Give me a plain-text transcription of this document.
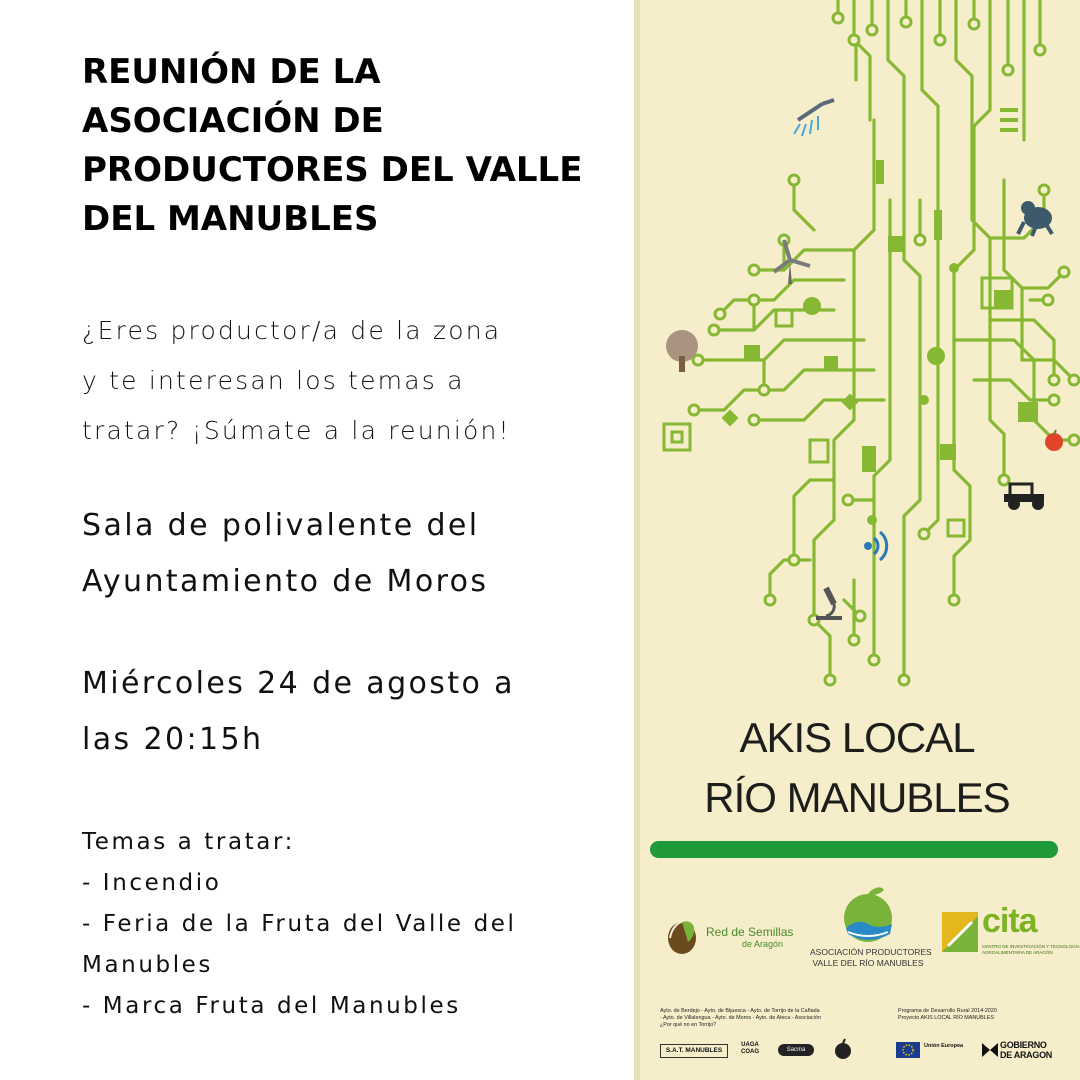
REUNIÓN DE LA
ASOCIACIÓN DE
PRODUCTORES DEL VALLE
DEL MANUBLES
¿Eres productor/a de la zona
y te interesan los temas a
tratar? ¡Súmate a la reunión!
Sala de polivalente del
Ayuntamiento de Moros
Miércoles 24 de agosto a
las 20:15h
Temas a tratar:
- Incendio
- Feria de la Fruta del Valle del
Manubles
- Marca Fruta del Manubles
AKIS LOCAL
RÍO MANUBLES
Red de Semillas
de Aragón
ASOCIACIÓN PRODUCTORES
VALLE DEL RÍO MANUBLES
cita
CENTRO DE INVESTIGACIÓN Y TECNOLOGÍA
AGROALIMENTARIA DE ARAGÓN
Ayto. de Berdejo - Ayto. de Bijuesca - Ayto. de Torrijo de la Cañada
- Ayto. de Villalengua - Ayto. de Moros - Ayto. de Ateca - Asociación
¿Por qué no en Torrijo?
Programa de Desarrollo Rural 2014-2020
Proyecto AKIS LOCAL RÍO MANUBLES
S.A.T. MANUBLES
UAGA
COAG	Sacma
Unión Europea	GOBIERNO
DE ARAGON
